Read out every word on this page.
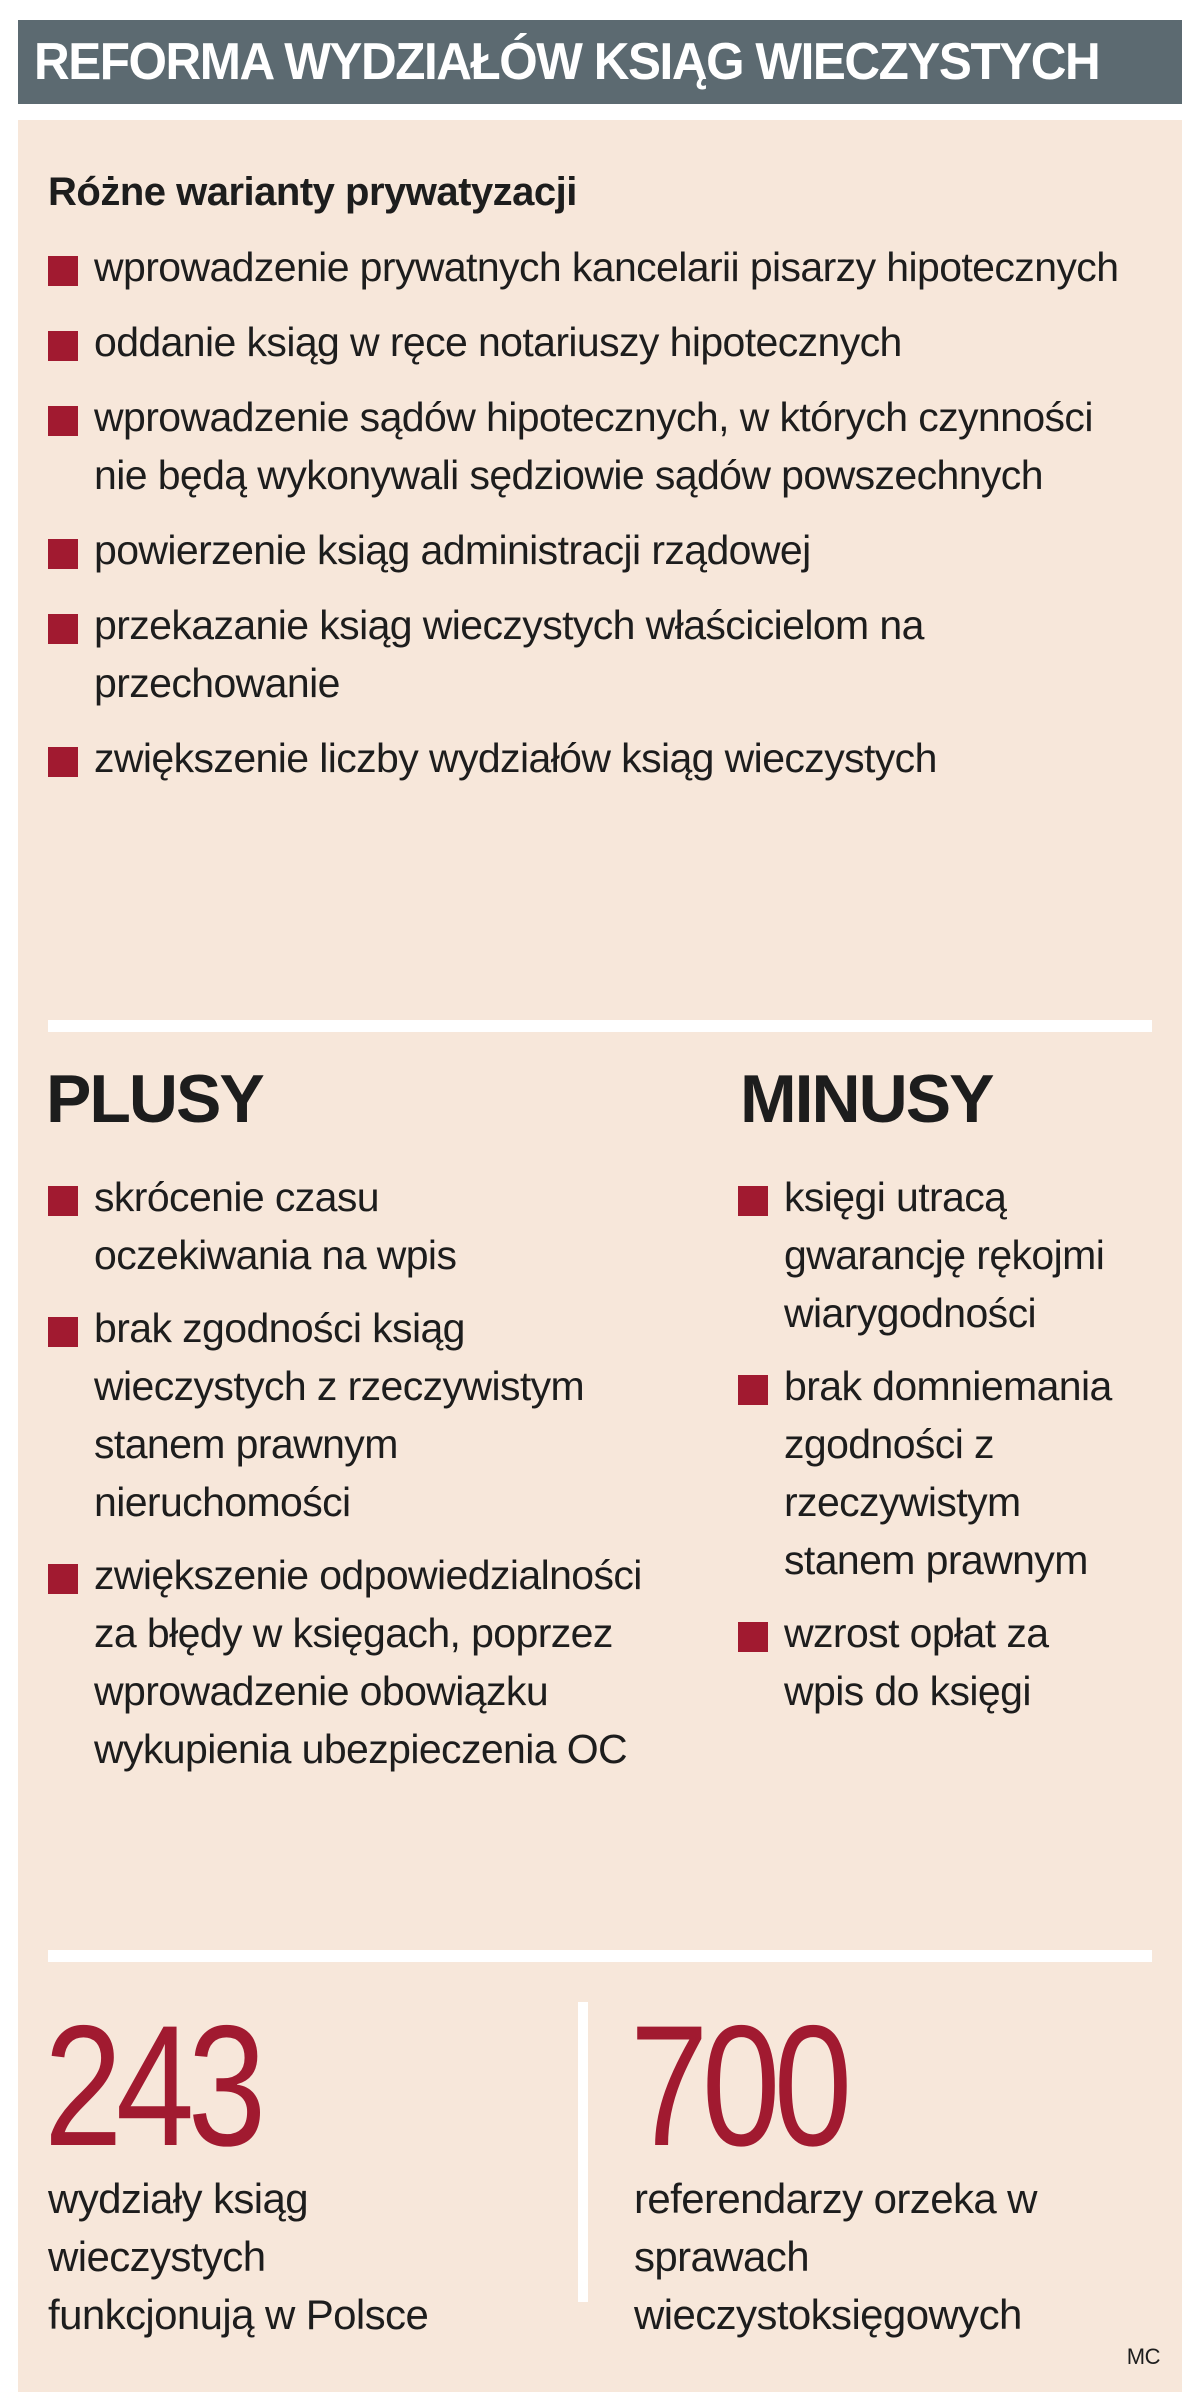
REFORMA WYDZIAŁÓW KSIĄG WIECZYSTYCH
Różne warianty prywatyzacji
wprowadzenie prywatnych kancelarii pisarzy hipotecznych
oddanie ksiąg w ręce notariuszy hipotecznych
wprowadzenie sądów hipotecznych, w których czynności nie będą wykonywali sędziowie sądów powszechnych
powierzenie ksiąg administracji rządowej
przekazanie ksiąg wieczystych właścicielom na przechowanie
zwiększenie liczby wydziałów ksiąg wieczystych
PLUSY	MINUSY
skrócenie czasu oczekiwania na wpis
brak zgodności ksiąg wieczystych z rzeczywistym stanem prawnym nieruchomości
zwiększenie odpowiedzialności za błędy w księgach, poprzez wprowadzenie obowiązku wykupienia ubezpieczenia OC
księgi utracą gwarancję rękojmi wiarygodności
brak domniemania zgodności z rzeczywistym stanem prawnym
wzrost opłat za wpis do księgi
243
wydziały ksiąg wieczystych funkcjonują w Polsce
700
referendarzy orzeka w sprawach wieczystoksięgowych
MC
